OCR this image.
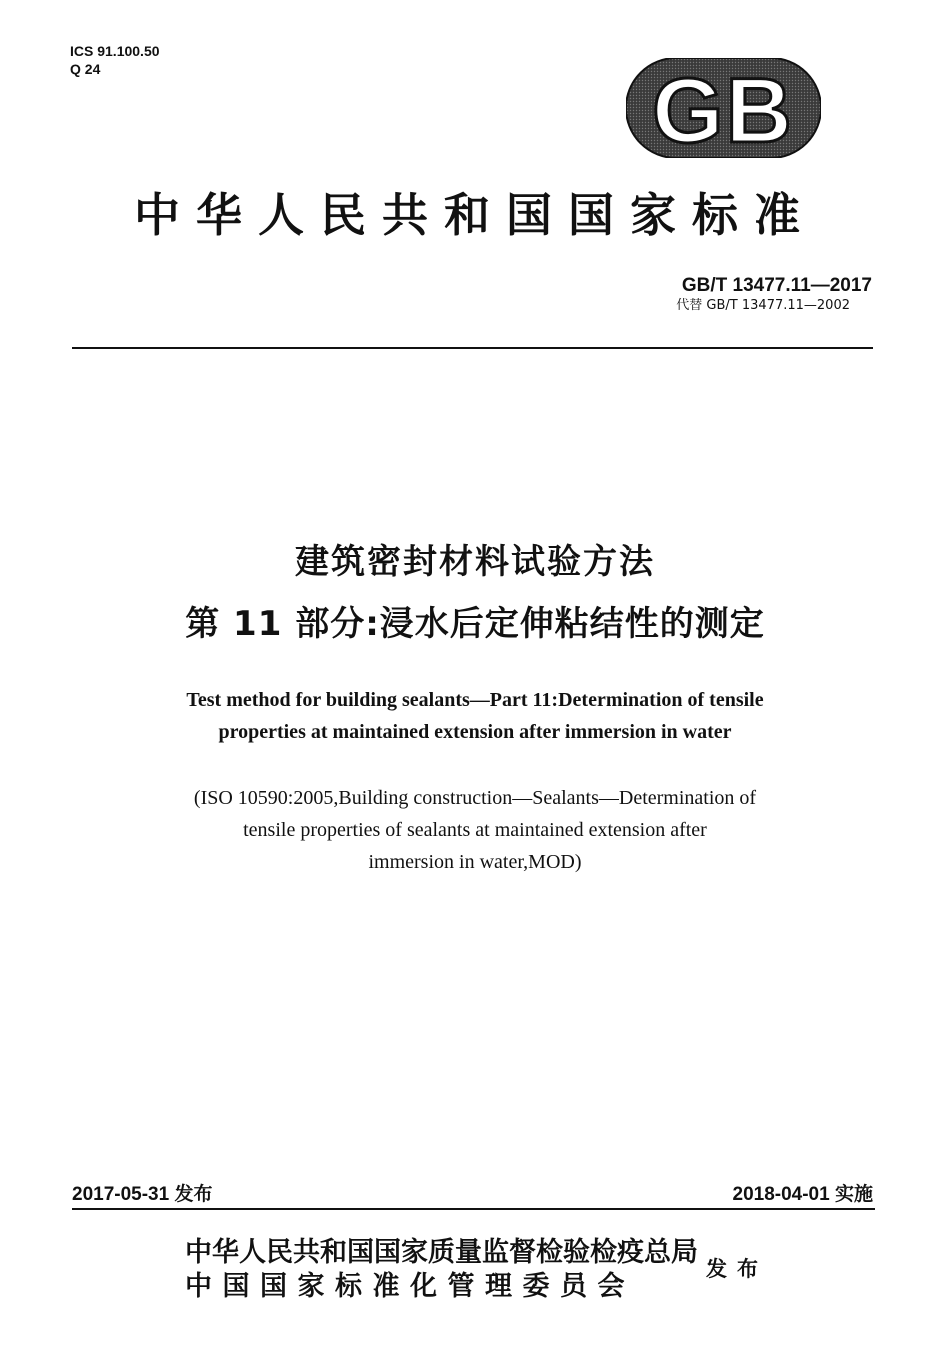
ICS 91.100.50
Q 24	GB
中华人民共和国国家标准
GB/T 13477.11—2017
代替 GB/T 13477.11—2002
建筑密封材料试验方法
第 11 部分:浸水后定伸粘结性的测定
Test method for building sealants—Part 11:Determination of tensile
properties at maintained extension after immersion in water
(ISO 10590:2005,Building construction—Sealants—Determination of
tensile properties of sealants at maintained extension after
immersion in water,MOD)
2017-05-31 发布	2018-04-01 实施
中华人民共和国国家质量监督检验检疫总局
中国国家标准化管理委员会
发布
